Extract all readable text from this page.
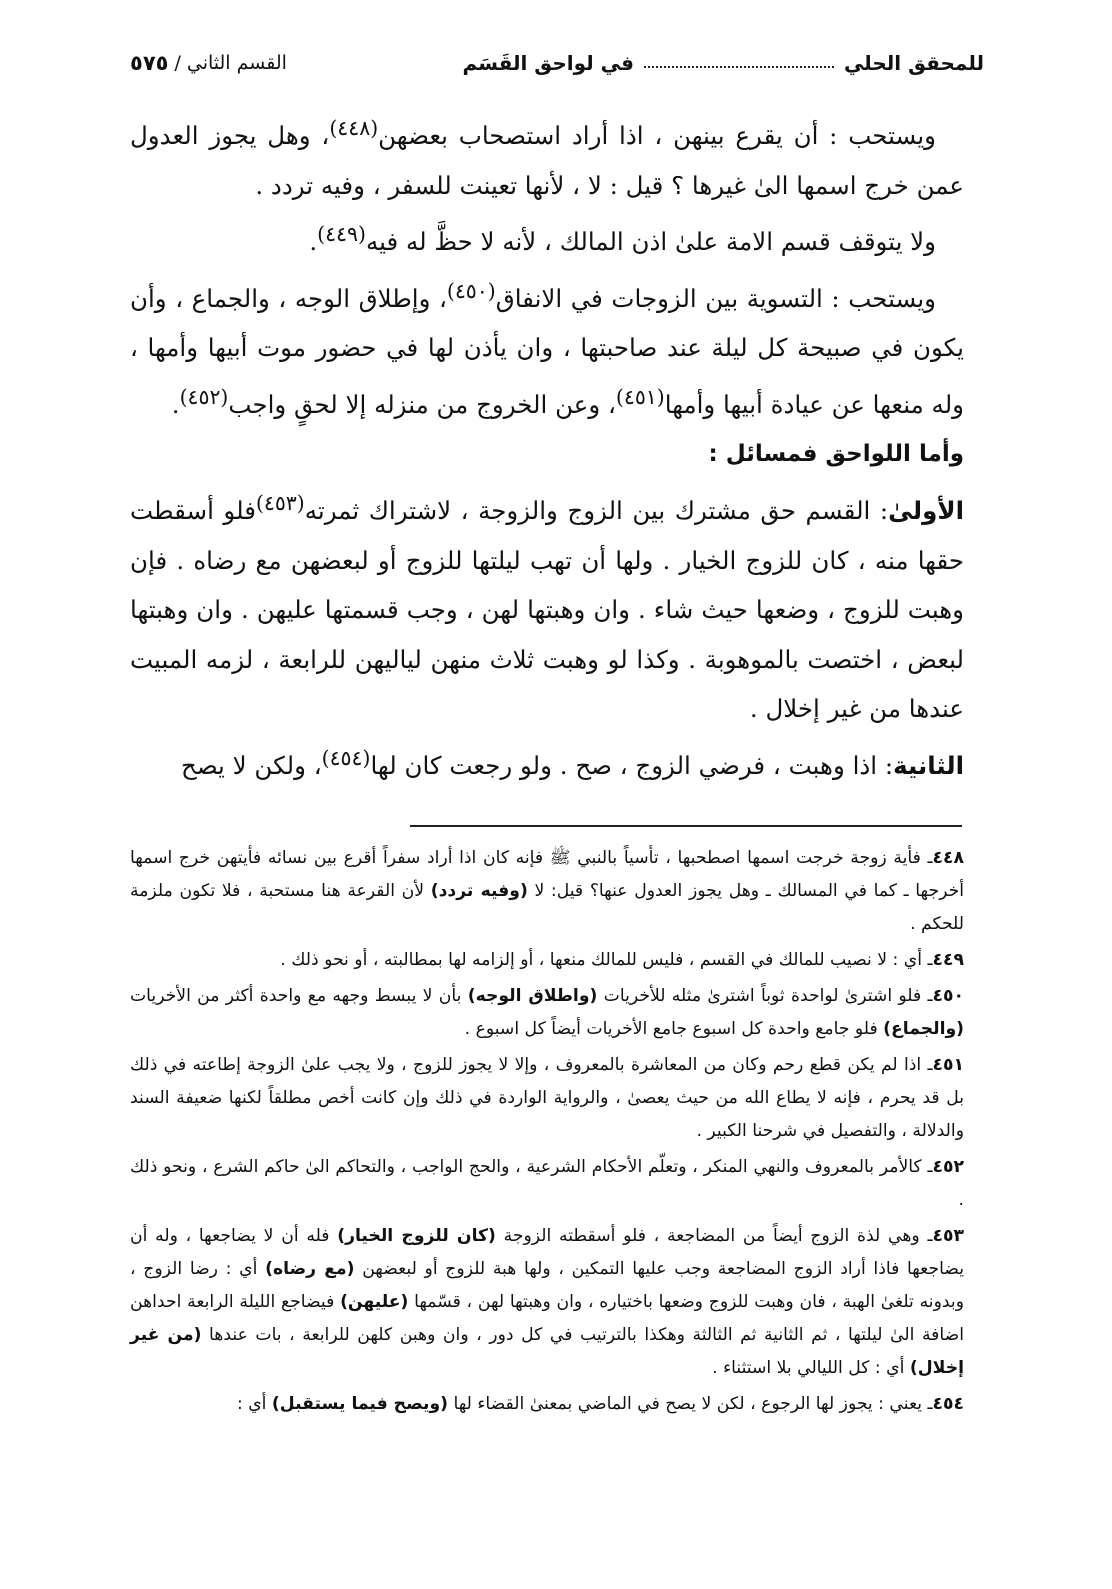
للمحقق الحلي
في لواحق القَسَم
القسم الثاني
/
٥٧٥

ويستحب : أن يقرع بينهن ، اذا أراد استصحاب بعضهن$^{(٤٤٨)}$، وهل يجوز العدول عمن خرج اسمها الىٰ غيرها ؟ قيل : لا ، لأنها تعينت للسفر ، وفيه تردد .

ولا يتوقف قسم الامة علىٰ اذن المالك ، لأنه لا حظَّ له فيه$^{(٤٤٩)}$.

ويستحب : التسوية بين الزوجات في الانفاق$^{(٤٥٠)}$، وإطلاق الوجه ، والجماع ، وأن يكون في صبيحة كل ليلة عند صاحبتها ، وان يأذن لها في حضور موت أبيها وأمها ، وله منعها عن عيادة أبيها وأمها$^{(٤٥١)}$، وعن الخروج من منزله إلا لحقٍ واجب$^{(٤٥٢)}$.

وأما اللواحق فمسائل :

الأولىٰ: القسم حق مشترك بين الزوج والزوجة ، لاشتراك ثمرته$^{(٤٥٣)}$فلو أسقطت حقها منه ، كان للزوج الخيار . ولها أن تهب ليلتها للزوج أو لبعضهن مع رضاه . فإن وهبت للزوج ، وضعها حيث شاء . وان وهبتها لهن ، وجب قسمتها عليهن . وان وهبتها لبعض ، اختصت بالموهوبة . وكذا لو وهبت ثلاث منهن لياليهن للرابعة ، لزمه المبيت عندها من غير إخلال .

الثانية: اذا وهبت ، فرضي الزوج ، صح . ولو رجعت كان لها$^{(٤٥٤)}$، ولكن لا يصح

٤٤٨ـ فأية زوجة خرجت اسمها اصطحبها ، تأسياً بالنبي ﷺ فإنه كان اذا أراد سفراً أقرع بين نسائه فأيتهن خرج اسمها أخرجها ـ كما في المسالك ـ وهل يجوز العدول عنها؟ قيل: لا (وفيه تردد) لأن القرعة هنا مستحبة ، فلا تكون ملزمة للحكم .

٤٤٩ـ أي : لا نصيب للمالك في القسم ، فليس للمالك منعها ، أو إلزامه لها بمطالبته ، أو نحو ذلك .

٤٥٠ـ فلو اشترىٰ لواحدة ثوباً اشترىٰ مثله للأخريات (واطلاق الوجه) بأن لا يبسط وجهه مع واحدة أكثر من الأخريات (والجماع) فلو جامع واحدة كل اسبوع جامع الأخريات أيضاً كل اسبوع .

٤٥١ـ اذا لم يكن قطع رحم وكان من المعاشرة بالمعروف ، وإلا لا يجوز للزوج ، ولا يجب علىٰ الزوجة إطاعته في ذلك بل قد يحرم ، فإنه لا يطاع الله من حيث يعصىٰ ، والرواية الواردة في ذلك وإن كانت أخص مطلقاً لكنها ضعيفة السند والدلالة ، والتفصيل في شرحنا الكبير .

٤٥٢ـ كالأمر بالمعروف والنهي المنكر ، وتعلّم الأحكام الشرعية ، والحج الواجب ، والتحاكم الىٰ حاكم الشرع ، ونحو ذلك .

٤٥٣ـ وهي لذة الزوج أيضاً من المضاجعة ، فلو أسقطته الزوجة (كان للزوج الخيار) فله أن لا يضاجعها ، وله أن يضاجعها فاذا أراد الزوج المضاجعة وجب عليها التمكين ، ولها هبة للزوج أو لبعضهن (مع رضاه) أي : رضا الزوج ، وبدونه تلغىٰ الهبة ، فان وهبت للزوج وضعها باختياره ، وان وهبتها لهن ، قسّمها (عليهن) فيضاجع الليلة الرابعة احداهن اضافة الىٰ ليلتها ، ثم الثانية ثم الثالثة وهكذا بالترتيب في كل دور ، وان وهبن كلهن للرابعة ، بات عندها (من غير إخلال) أي : كل الليالي بلا استثناء .

٤٥٤ـ يعني : يجوز لها الرجوع ، لكن لا يصح في الماضي بمعنىٰ القضاء لها (ويصح فيما يستقبل) أي :
